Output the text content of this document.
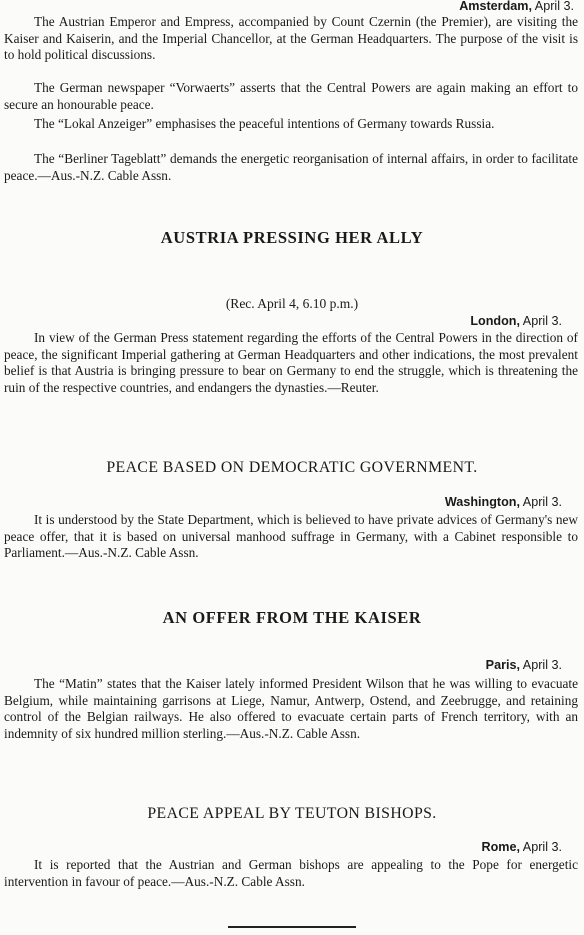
Amsterdam, April 3.

The Austrian Emperor and Empress, accompanied by Count Czernin (the Premier), are visiting the Kaiser and Kaiserin, and the Imperial Chancellor, at the German Headquarters. The purpose of the visit is to hold political discussions.

The German newspaper “Vorwaerts” asserts that the Central Powers are again making an effort to secure an honourable peace.

The “Lokal Anzeiger” emphasises the peaceful intentions of Germany towards Russia.

The “Berliner Tageblatt” demands the energetic reorganisation of internal affairs, in order to facilitate peace.—Aus.-N.Z. Cable Assn.

AUSTRIA PRESSING HER ALLY
(Rec. April 4, 6.10 p.m.)
London, April 3.

In view of the German Press statement regarding the efforts of the Central Powers in the direction of peace, the significant Imperial gathering at German Headquarters and other indications, the most prevalent belief is that Austria is bringing pressure to bear on Germany to end the struggle, which is threatening the ruin of the respective countries, and endangers the dynasties.—Reuter.

PEACE BASED ON DEMOCRATIC GOVERNMENT.
Washington, April 3.

It is understood by the State Department, which is believed to have private advices of Germany's new peace offer, that it is based on universal manhood suffrage in Germany, with a Cabinet responsible to Parliament.—Aus.-N.Z. Cable Assn.

AN OFFER FROM THE KAISER
Paris, April 3.

The “Matin” states that the Kaiser lately informed President Wilson that he was willing to evacuate Belgium, while maintaining garrisons at Liege, Namur, Antwerp, Ostend, and Zeebrugge, and retaining control of the Belgian railways. He also offered to evacuate certain parts of French territory, with an indemnity of six hundred million sterling.—Aus.-N.Z. Cable Assn.

PEACE APPEAL BY TEUTON BISHOPS.
Rome, April 3.

It is reported that the Austrian and German bishops are appealing to the Pope for energetic intervention in favour of peace.—Aus.-N.Z. Cable Assn.
